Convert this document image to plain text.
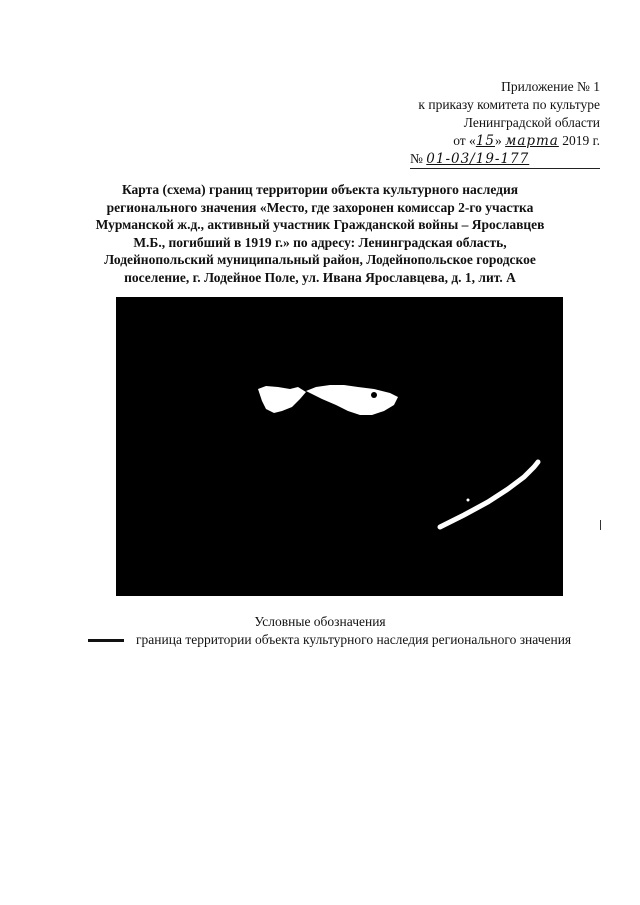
Приложение № 1
к приказу комитета по культуре
Ленинградской области
от «15» марта 2019 г.
№ 01-03/19-177
Карта (схема) границ территории объекта культурного наследия регионального значения «Место, где захоронен комиссар 2-го участка Мурманской ж.д., активный участник Гражданской войны – Ярославцев М.Б., погибший в 1919 г.» по адресу: Ленинградская область, Лодейнопольский муниципальный район, Лодейнопольское городское поселение, г. Лодейное Поле, ул. Ивана Ярославцева, д. 1, лит. А
Условные обозначения
граница территории объекта культурного наследия регионального значения
